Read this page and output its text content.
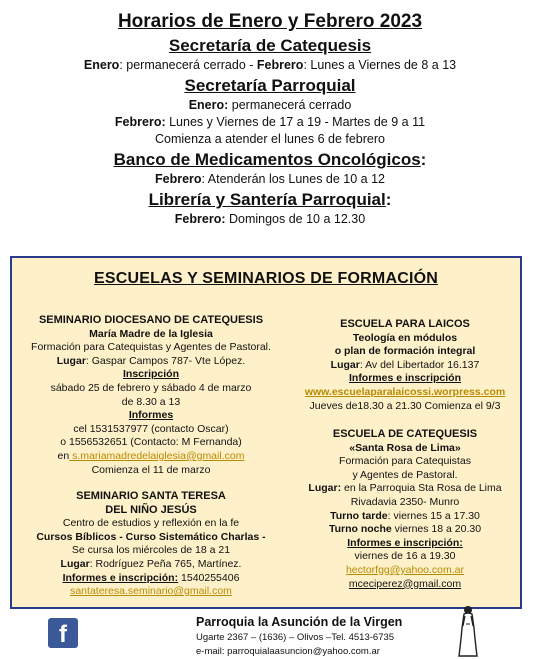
Horarios de Enero y Febrero 2023

Secretaría de Catequesis

Enero: permanecerá cerrado - Febrero: Lunes a Viernes de 8 a 13

Secretaría Parroquial

Enero: permanecerá cerrado

Febrero: Lunes y Viernes de 17 a 19 - Martes de 9 a 11

Comienza a atender el lunes 6 de febrero

Banco de Medicamentos Oncológicos:

Febrero: Atenderán los Lunes de 10 a 12

Librería y Santería Parroquial:

Febrero: Domingos de 10 a 12.30

ESCUELAS Y SEMINARIOS DE FORMACIÓN
SEMINARIO DIOCESANO DE CATEQUESIS
María Madre de la Iglesia
Formación para Catequistas y Agentes de Pastoral.
Lugar: Gaspar Campos 787- Vte López.
Inscripción
sábado 25 de febrero y sábado 4 de marzo
de 8.30 a 13
Informes
cel 1531537977 (contacto Oscar)
o 1556532651 (Contacto: M Fernanda)
en s.mariamadredelaiglesia@gmail.com
Comienza el 11 de marzo
SEMINARIO SANTA TERESA
DEL NIÑO JESÚS
Centro de estudios y reflexión en la fe
Cursos Bíblicos - Curso Sistemático Charlas -
Se cursa los miércoles de 18 a 21
Lugar: Rodríguez Peña 765, Martínez.
Informes e inscripción: 1540255406
santateresa.seminario@gmail.com
ESCUELA PARA LAICOS
Teología en módulos
o plan de formación integral
Lugar: Av del Libertador 16.137
Informes e inscripción
www.escuelaparalaicossi.worpress.com
Jueves de18.30 a 21.30 Comienza el 9/3
ESCUELA DE CATEQUESIS
«Santa Rosa de Lima»
Formación para Catequistas
y Agentes de Pastoral.
Lugar: en la Parroquia Sta Rosa de Lima
Rivadavia 2350- Munro
Turno tarde: viernes 15 a 17.30
Turno noche viernes 18 a 20.30
Informes e inscripción:
viernes de 16 a 19.30
hectorfgg@yahoo.com.ar
mceciperez@gmail.com
f	Parroquia la Asunción de la Virgen
Ugarte 2367 – (1636) – Olivos –Tel. 4513-6735
e-mail: parroquialaasuncion@yahoo.com.ar
